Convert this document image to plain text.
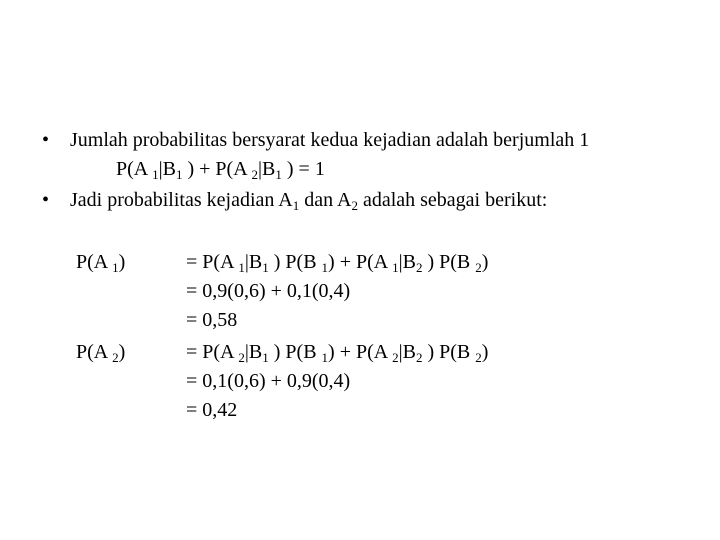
• Jumlah probabilitas bersyarat kedua kejadian adalah berjumlah 1
P(A $_1|B_1$ ) + P(A $_2|B_1$ ) = 1
• Jadi probabilitas kejadian $A_1$ dan $A_2$ adalah sebagai berikut:
P(A $_1$)	= P(A $_1|B_1$ ) P(B $_1$) + P(A $_1|B_2$ ) P(B $_2$)
= 0,9(0,6) + 0,1(0,4)
= 0,58
P(A $_2$)	= P(A $_2|B_1$ ) P(B $_1$) + P(A $_2|B_2$ ) P(B $_2$)
= 0,1(0,6) + 0,9(0,4)
= 0,42
